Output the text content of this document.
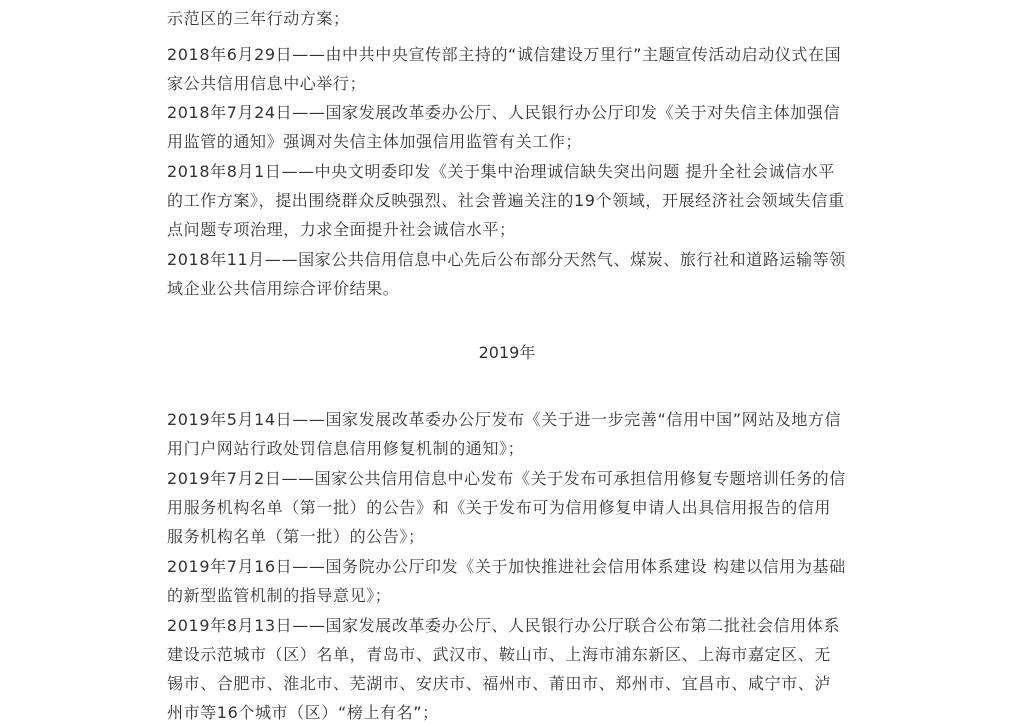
示范区的三年行动方案；

2018年6月29日——由中共中央宣传部主持的“诚信建设万里行”主题宣传活动启动仪式在国家公共信用信息中心举行；

2018年7月24日——国家发展改革委办公厅、人民银行办公厅印发《关于对失信主体加强信用监管的通知》强调对失信主体加强信用监管有关工作；

2018年8月1日——中央文明委印发《关于集中治理诚信缺失突出问题 提升全社会诚信水平的工作方案》，提出围绕群众反映强烈、社会普遍关注的19个领域，开展经济社会领域失信重点问题专项治理，力求全面提升社会诚信水平；

2018年11月——国家公共信用信息中心先后公布部分天然气、煤炭、旅行社和道路运输等领域企业公共信用综合评价结果。

2019年

2019年5月14日——国家发展改革委办公厅发布《关于进一步完善“信用中国”网站及地方信用门户网站行政处罚信息信用修复机制的通知》；

2019年7月2日——国家公共信用信息中心发布《关于发布可承担信用修复专题培训任务的信用服务机构名单（第一批）的公告》和《关于发布可为信用修复申请人出具信用报告的信用服务机构名单（第一批）的公告》；

2019年7月16日——国务院办公厅印发《关于加快推进社会信用体系建设 构建以信用为基础的新型监管机制的指导意见》；

2019年8月13日——国家发展改革委办公厅、人民银行办公厅联合公布第二批社会信用体系建设示范城市（区）名单，青岛市、武汉市、鞍山市、上海市浦东新区、上海市嘉定区、无锡市、合肥市、淮北市、芜湖市、安庆市、福州市、莆田市、郑州市、宜昌市、咸宁市、泸州市等16个城市（区）“榜上有名”；
